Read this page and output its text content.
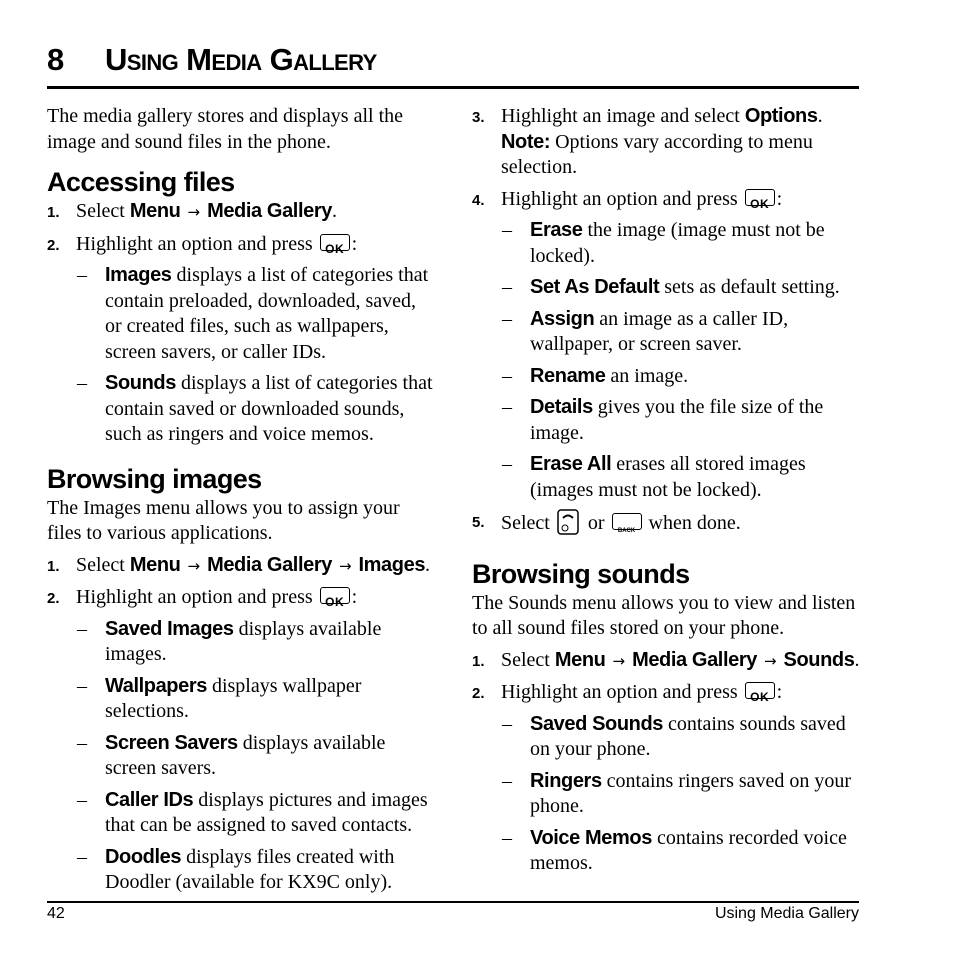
8 Using Media Gallery

The media gallery stores and displays all the image and sound files in the phone.

Accessing files
1. Select Menu → Media Gallery.
2. Highlight an option and press OK :
– Images displays a list of categories that contain preloaded, downloaded, saved, or created files, such as wallpapers, screen savers, or caller IDs.
– Sounds displays a list of categories that contain saved or downloaded sounds, such as ringers and voice memos.
Browsing images

The Images menu allows you to assign your files to various applications.

1. Select Menu → Media Gallery → Images.
2. Highlight an option and press OK :
– Saved Images displays available images.
– Wallpapers displays wallpaper selections.
– Screen Savers displays available screen savers.
– Caller IDs displays pictures and images that can be assigned to saved contacts.
– Doodles displays files created with Doodler (available for KX9C only).
3. Highlight an image and select Options.
Note: Options vary according to menu selection.
4. Highlight an option and press OK :
– Erase the image (image must not be locked).
– Set As Default sets as default setting.
– Assign an image as a caller ID, wallpaper, or screen saver.
– Rename an image.
– Details gives you the file size of the image.
– Erase All erases all stored images (images must not be locked).
5. Select  or BACK when done.
Browsing sounds

The Sounds menu allows you to view and listen to all sound files stored on your phone.

1. Select Menu → Media Gallery → Sounds.
2. Highlight an option and press OK :
– Saved Sounds contains sounds saved on your phone.
– Ringers contains ringers saved on your phone.
– Voice Memos contains recorded voice memos.
42	Using Media Gallery
